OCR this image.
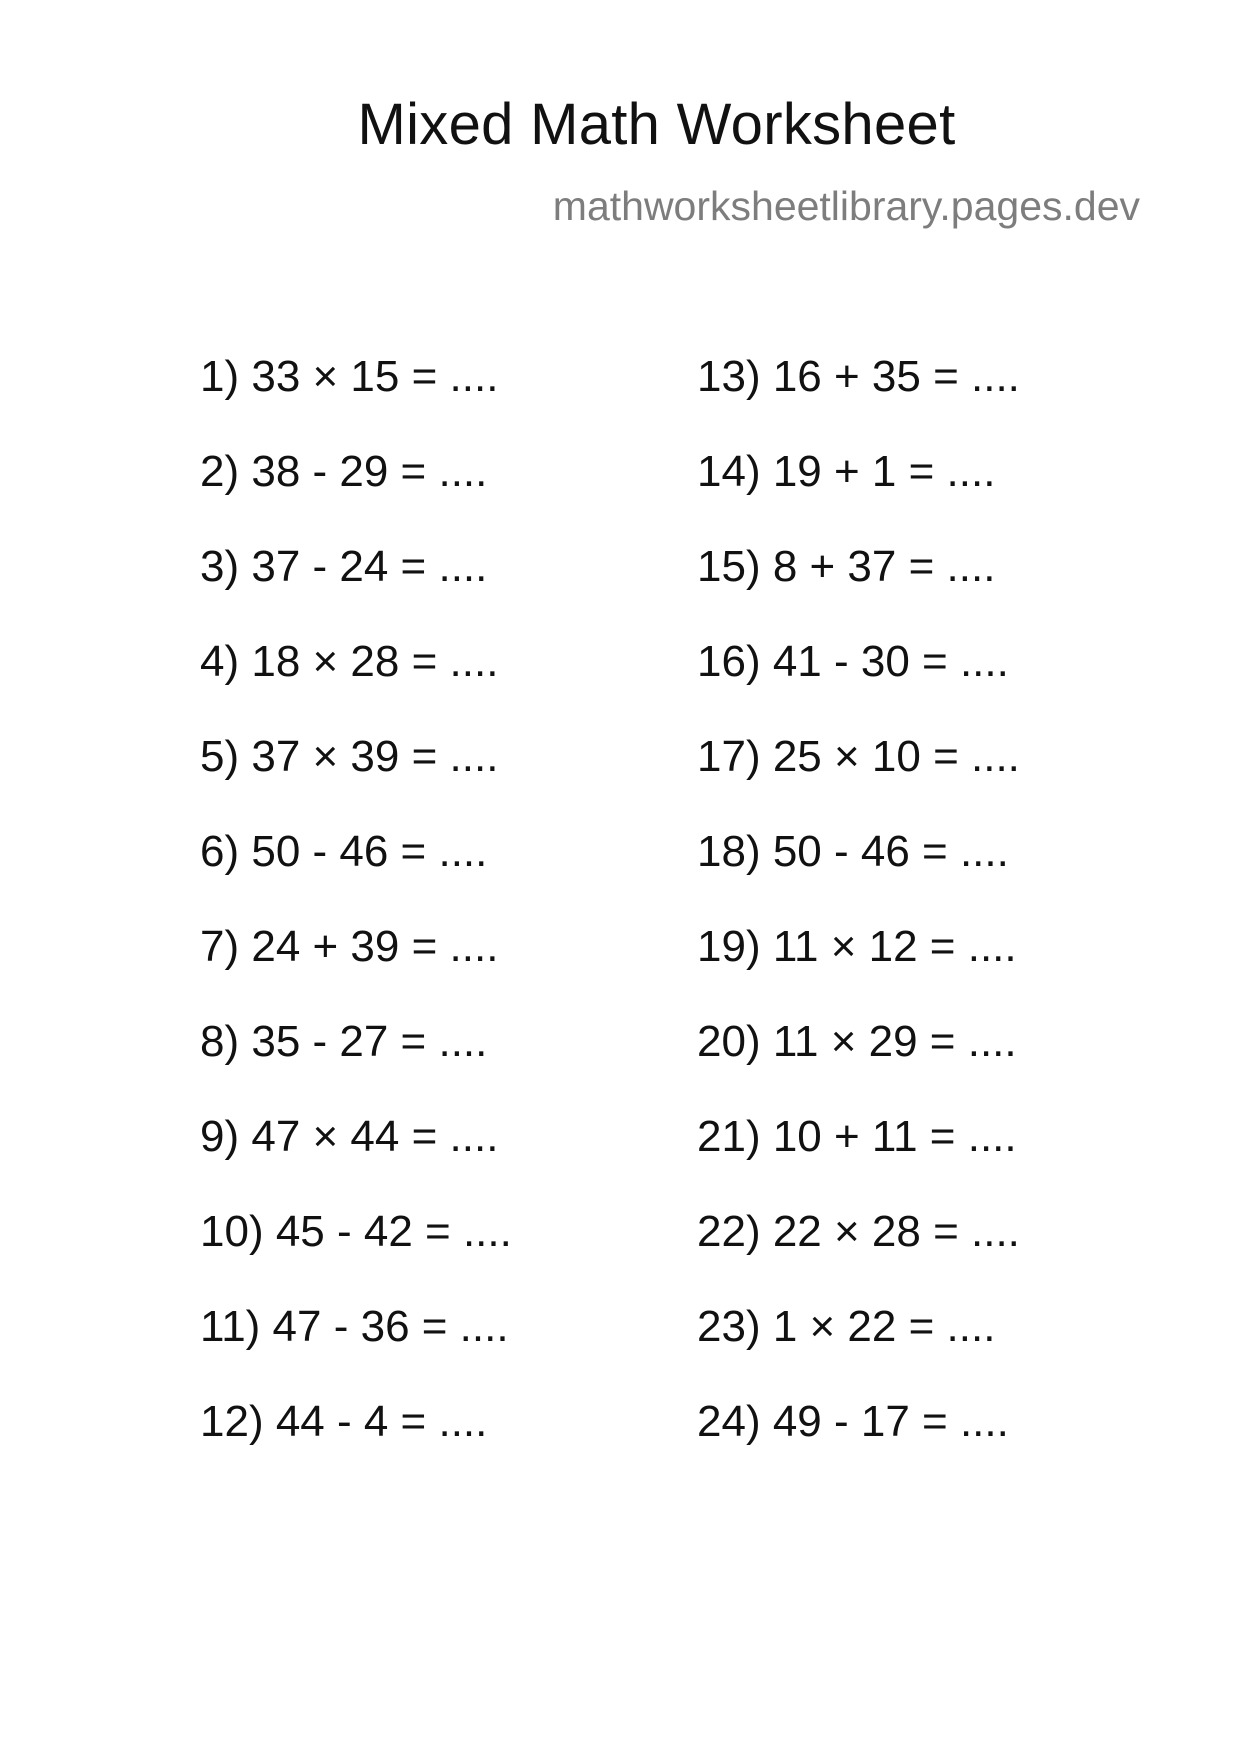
Mixed Math Worksheet
mathworksheetlibrary.pages.dev
1) 33 × 15 = ....
2) 38 - 29 = ....
3) 37 - 24 = ....
4) 18 × 28 = ....
5) 37 × 39 = ....
6) 50 - 46 = ....
7) 24 + 39 = ....
8) 35 - 27 = ....
9) 47 × 44 = ....
10) 45 - 42 = ....
11) 47 - 36 = ....
12) 44 - 4 = ....
13) 16 + 35 = ....
14) 19 + 1 = ....
15) 8 + 37 = ....
16) 41 - 30 = ....
17) 25 × 10 = ....
18) 50 - 46 = ....
19) 11 × 12 = ....
20) 11 × 29 = ....
21) 10 + 11 = ....
22) 22 × 28 = ....
23) 1 × 22 = ....
24) 49 - 17 = ....
